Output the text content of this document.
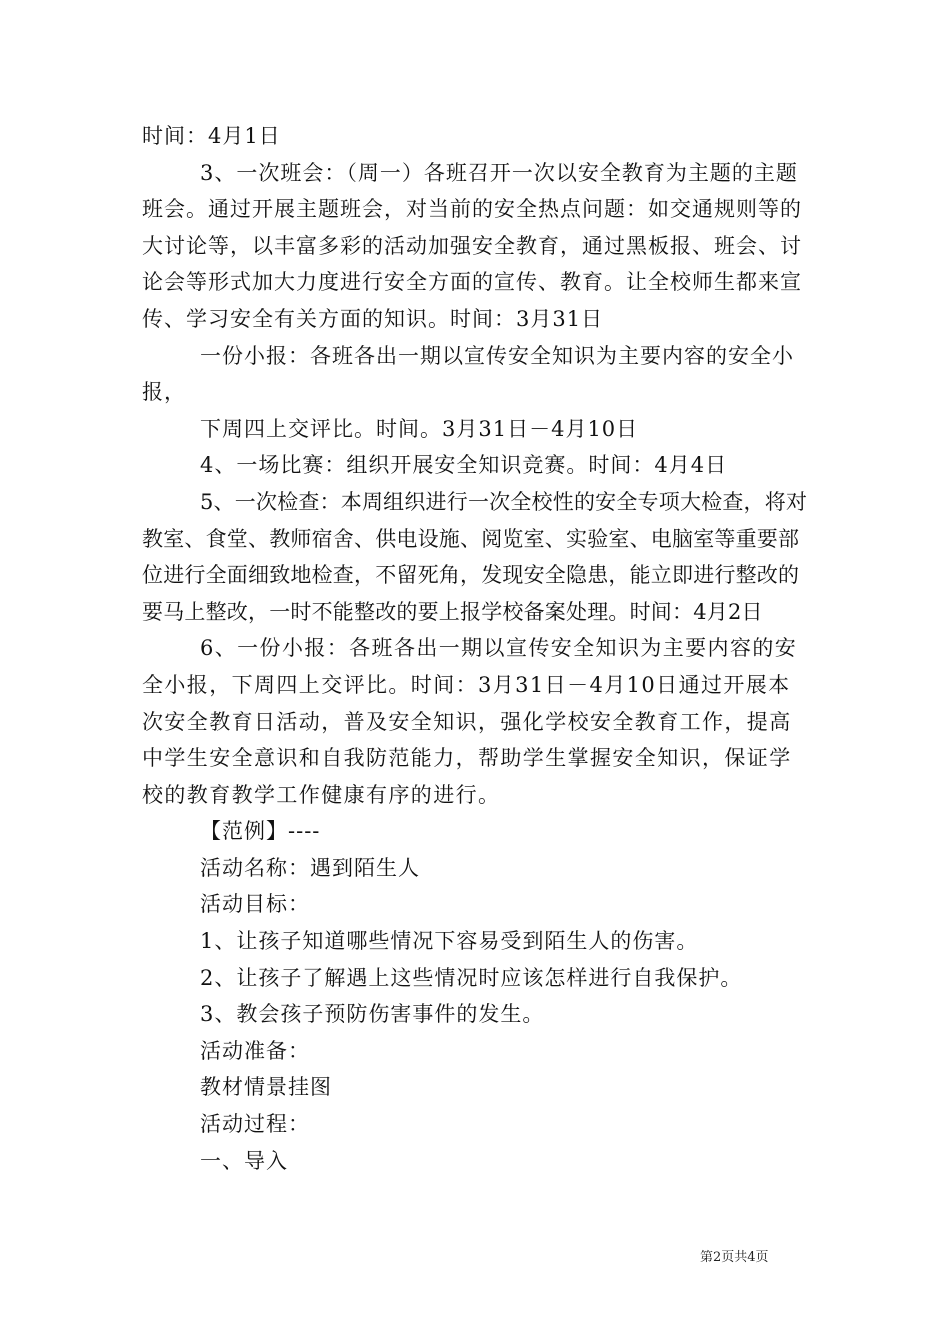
时间：4月1日

3、一次班会：（周一）各班召开一次以安全教育为主题的主题班会。通过开展主题班会，对当前的安全热点问题：如交通规则等的大讨论等，以丰富多彩的活动加强安全教育，通过黑板报、班会、讨论会等形式加大力度进行安全方面的宣传、教育。让全校师生都来宣传、学习安全有关方面的知识。时间：3月31日

一份小报：各班各出一期以宣传安全知识为主要内容的安全小报，

下周四上交评比。时间。3月31日－4月10日

4、一场比赛：组织开展安全知识竞赛。时间：4月4日

5、一次检查：本周组织进行一次全校性的安全专项大检查，将对教室、食堂、教师宿舍、供电设施、阅览室、实验室、电脑室等重要部位进行全面细致地检查，不留死角，发现安全隐患，能立即进行整改的要马上整改，一时不能整改的要上报学校备案处理。时间：4月2日

6、一份小报：各班各出一期以宣传安全知识为主要内容的安全小报，下周四上交评比。时间：3月31日－4月10日通过开展本次安全教育日活动，普及安全知识，强化学校安全教育工作，提高中学生安全意识和自我防范能力，帮助学生掌握安全知识，保证学校的教育教学工作健康有序的进行。

【范例】----

活动名称：遇到陌生人

活动目标：

1、让孩子知道哪些情况下容易受到陌生人的伤害。

2、让孩子了解遇上这些情况时应该怎样进行自我保护。

3、教会孩子预防伤害事件的发生。

活动准备：

教材情景挂图

活动过程：

一、导入

第2页共4页
